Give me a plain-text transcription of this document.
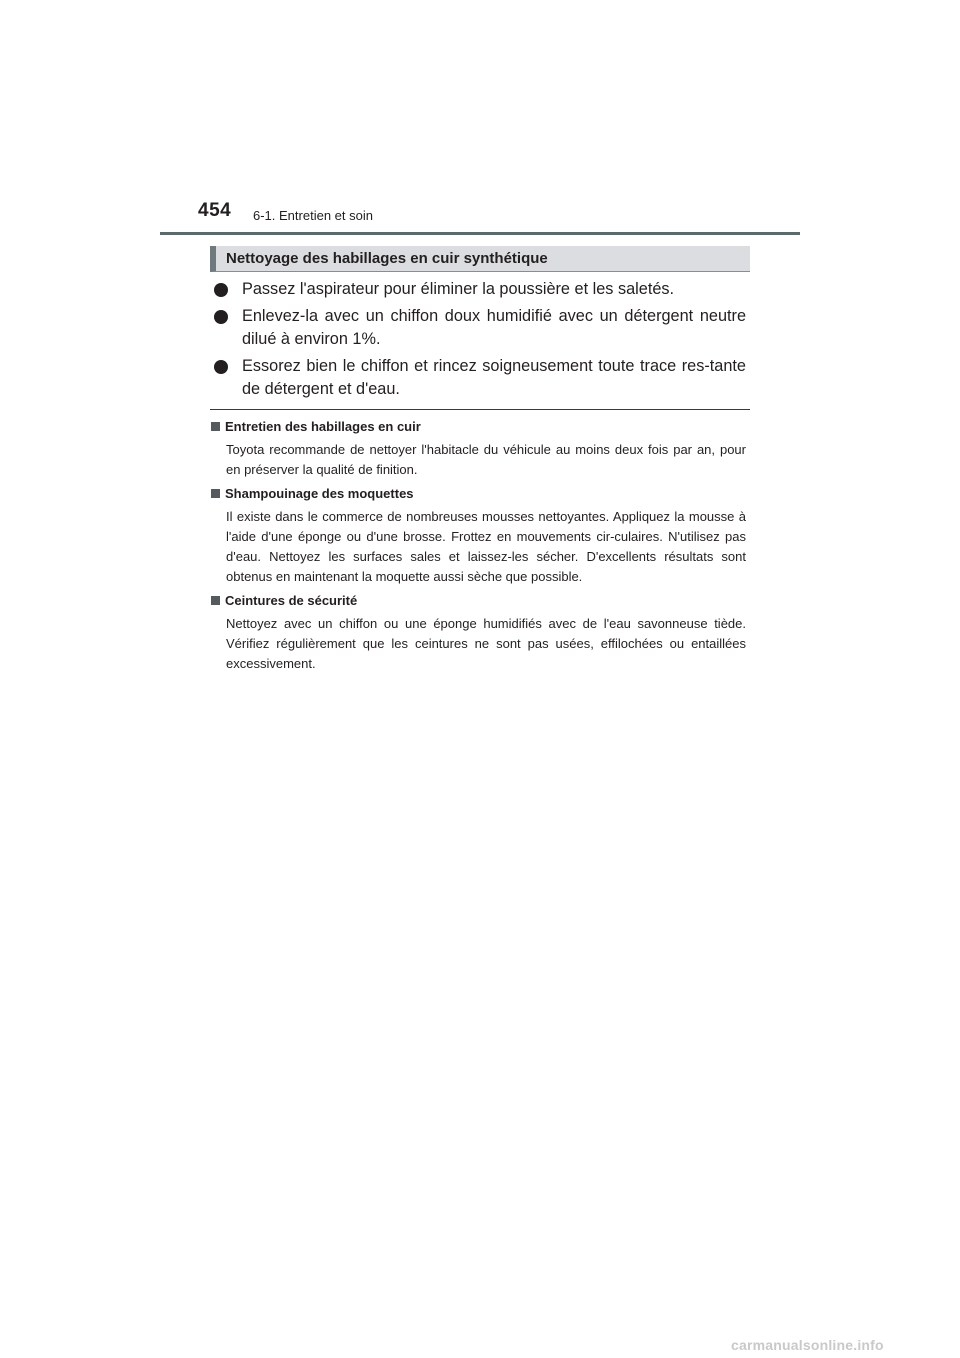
454 6-1. Entretien et soin
Nettoyage des habillages en cuir synthétique

Passez l'aspirateur pour éliminer la poussière et les saletés.

Enlevez-la avec un chiffon doux humidifié avec un détergent neutre dilué à environ 1%.

Essorez bien le chiffon et rincez soigneusement toute trace res-tante de détergent et d'eau.

Entretien des habillages en cuir

Toyota recommande de nettoyer l'habitacle du véhicule au moins deux fois par an, pour en préserver la qualité de finition.

Shampouinage des moquettes

Il existe dans le commerce de nombreuses mousses nettoyantes. Appliquez la mousse à l'aide d'une éponge ou d'une brosse. Frottez en mouvements cir-culaires. N'utilisez pas d'eau. Nettoyez les surfaces sales et laissez-les sécher. D'excellents résultats sont obtenus en maintenant la moquette aussi sèche que possible.

Ceintures de sécurité

Nettoyez avec un chiffon ou une éponge humidifiés avec de l'eau savonneuse tiède. Vérifiez régulièrement que les ceintures ne sont pas usées, effilochées ou entaillées excessivement.

carmanualsonline.info
